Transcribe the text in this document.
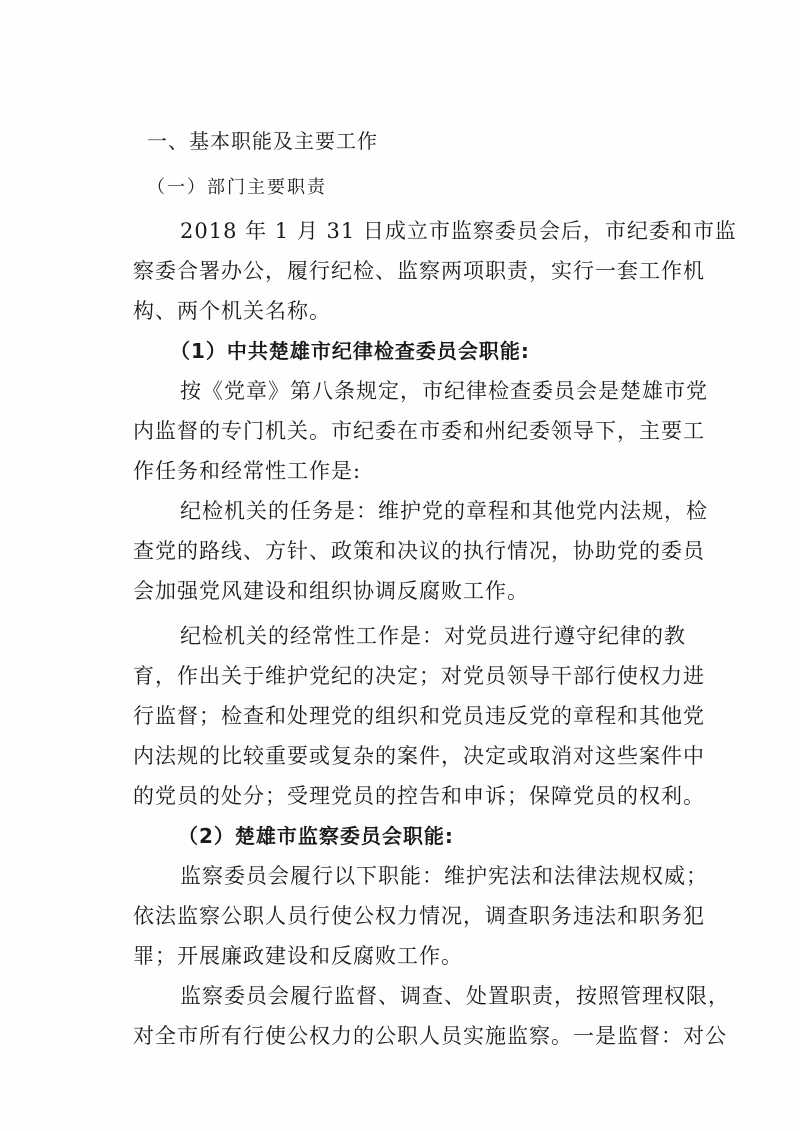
一、基本职能及主要工作
（一）部门主要职责
2018 年 1 月 31 日成立市监察委员会后，市纪委和市监
察委合署办公，履行纪检、监察两项职责，实行一套工作机
构、两个机关名称。
（1）中共楚雄市纪律检查委员会职能:
按《党章》第八条规定，市纪律检查委员会是楚雄市党
内监督的专门机关。市纪委在市委和州纪委领导下，主要工
作任务和经常性工作是:
纪检机关的任务是：维护党的章程和其他党内法规，检
查党的路线、方针、政策和决议的执行情况，协助党的委员
会加强党风建设和组织协调反腐败工作。
纪检机关的经常性工作是：对党员进行遵守纪律的教
育，作出关于维护党纪的决定；对党员领导干部行使权力进
行监督；检查和处理党的组织和党员违反党的章程和其他党
内法规的比较重要或复杂的案件，决定或取消对这些案件中
的党员的处分；受理党员的控告和申诉；保障党员的权利。
（2）楚雄市监察委员会职能:
监察委员会履行以下职能：维护宪法和法律法规权威；
依法监察公职人员行使公权力情况，调查职务违法和职务犯
罪；开展廉政建设和反腐败工作。
监察委员会履行监督、调查、处置职责，按照管理权限，
对全市所有行使公权力的公职人员实施监察。一是监督：对公
